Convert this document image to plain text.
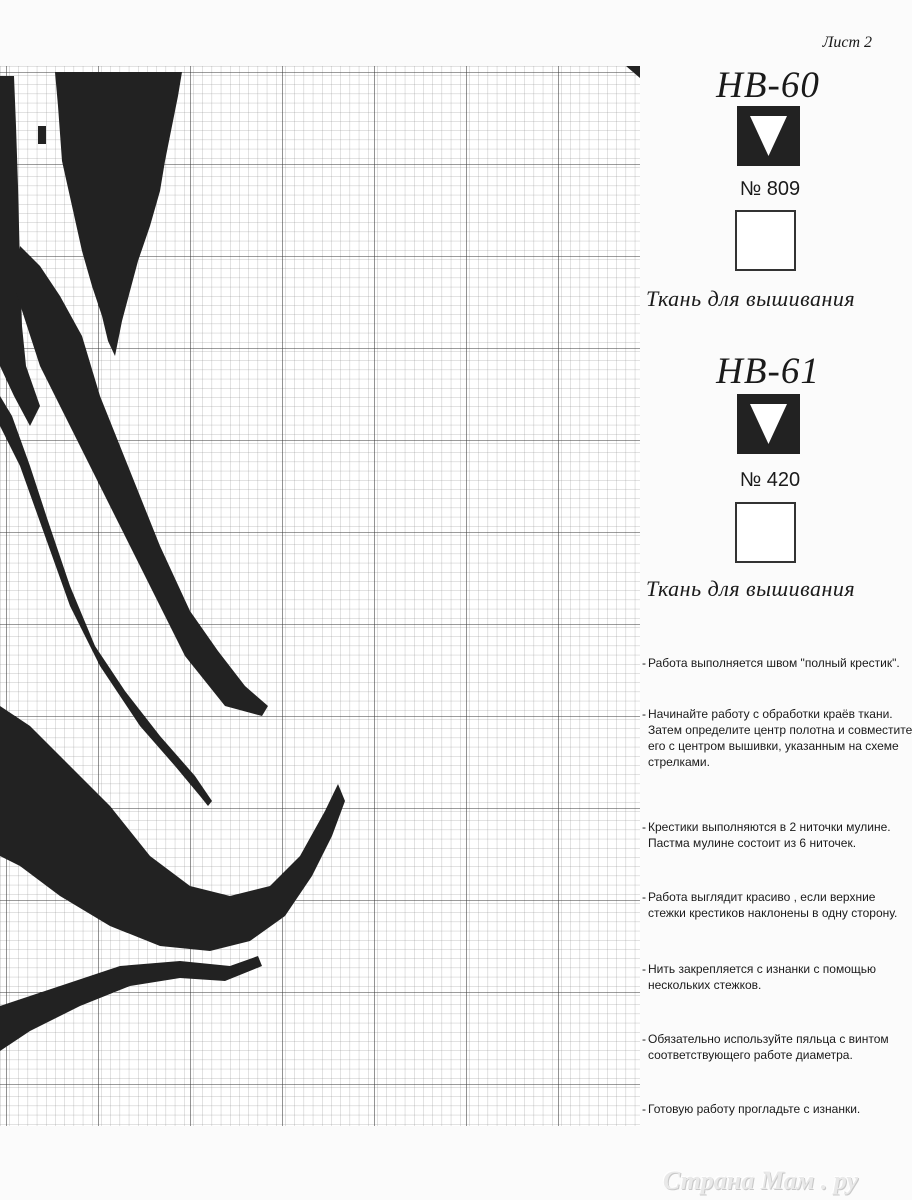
Лист 2
НВ-60
№ 809
Ткань для вышивания
НВ-61
№ 420
Ткань для вышивания
- Работа выполняется швом "полный крестик".
- Начинайте работу с обработки краёв ткани.
Затем определите центр полотна и совместите
его с центром вышивки, указанным на схеме
стрелками.
- Крестики выполняются в 2 ниточки мулине.
Пастма мулине состоит из 6 ниточек.
- Работа выглядит красиво , если верхние
стежки крестиков наклонены в одну сторону.
- Нить закрепляется с изнанки с помощью
нескольких стежков.
- Обязательно используйте пяльца с винтом
соответствующего работе диаметра.
- Готовую работу прогладьте с изнанки.
Страна Мам . ру
